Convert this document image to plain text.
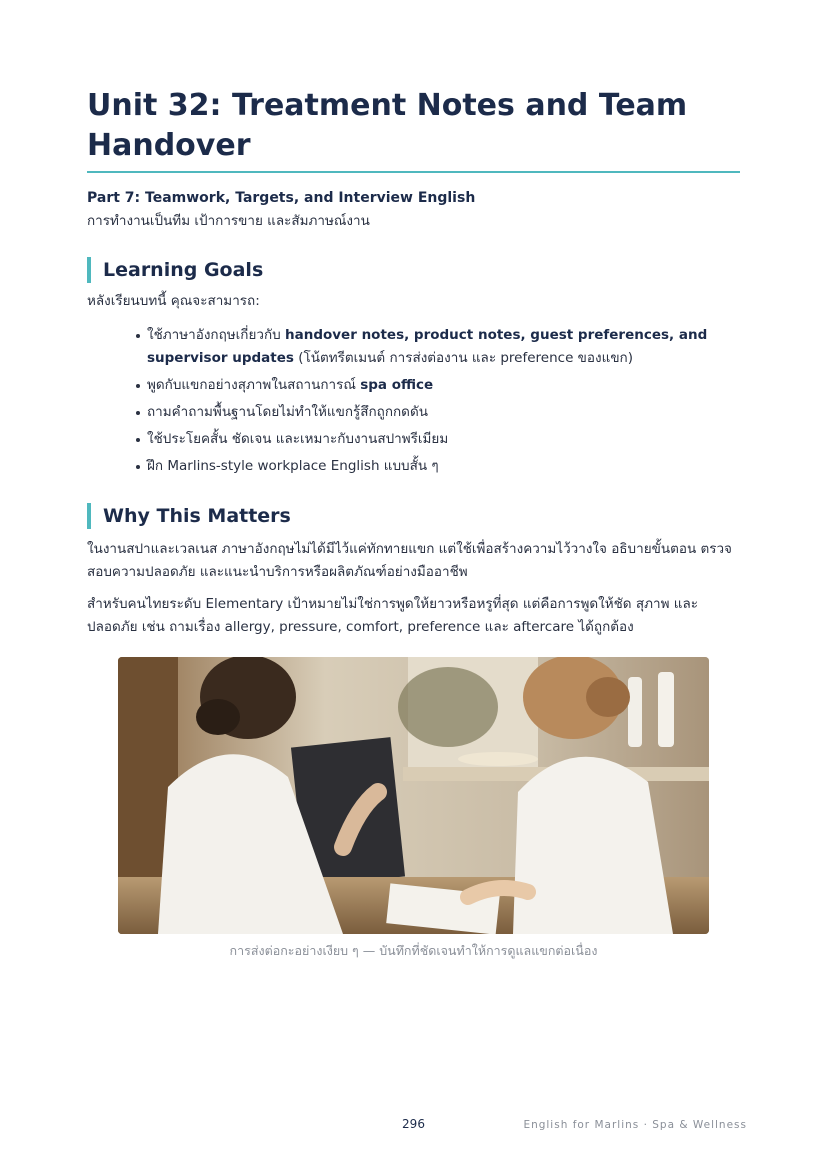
Unit 32: Treatment Notes and Team Handover
Part 7: Teamwork, Targets, and Interview English
การทำงานเป็นทีม เป้าการขาย และสัมภาษณ์งาน
Learning Goals
หลังเรียนบทนี้ คุณจะสามารถ:
ใช้ภาษาอังกฤษเกี่ยวกับ handover notes, product notes, guest preferences, and supervisor updates (โน้ตทรีตเมนต์ การส่งต่องาน และ preference ของแขก)
พูดกับแขกอย่างสุภาพในสถานการณ์ spa office
ถามคำถามพื้นฐานโดยไม่ทำให้แขกรู้สึกถูกกดดัน
ใช้ประโยคสั้น ชัดเจน และเหมาะกับงานสปาพรีเมียม
ฝึก Marlins-style workplace English แบบสั้น ๆ
Why This Matters

ในงานสปาและเวลเนส ภาษาอังกฤษไม่ได้มีไว้แค่ทักทายแขก แต่ใช้เพื่อสร้างความไว้วางใจ อธิบายขั้นตอน ตรวจสอบความปลอดภัย และแนะนำบริการหรือผลิตภัณฑ์อย่างมืออาชีพ

สำหรับคนไทยระดับ Elementary เป้าหมายไม่ใช่การพูดให้ยาวหรือหรูที่สุด แต่คือการพูดให้ชัด สุภาพ และปลอดภัย เช่น ถามเรื่อง allergy, pressure, comfort, preference และ aftercare ได้ถูกต้อง

การส่งต่อกะอย่างเงียบ ๆ — บันทึกที่ชัดเจนทำให้การดูแลแขกต่อเนื่อง
296	English for Marlins · Spa & Wellness
